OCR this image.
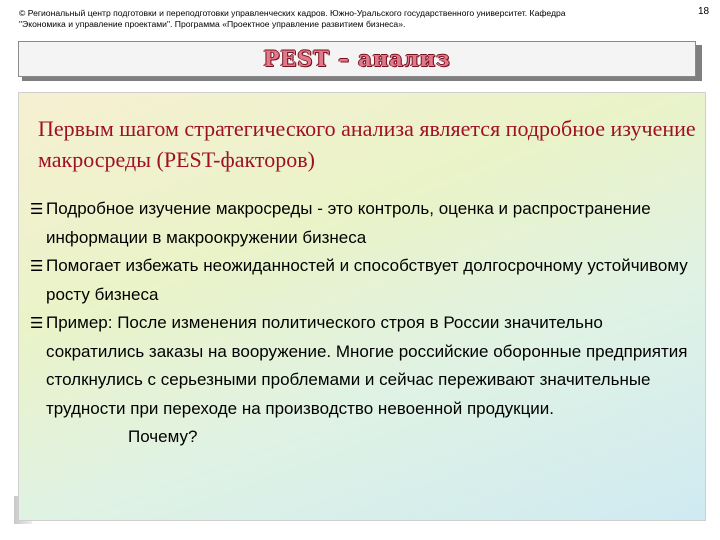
© Региональный центр подготовки и переподготовки управленческих кадров. Южно-Уральского государственного университет. Кафедра
"Экономика и управление проектами". Программа «Проектное управление развитием бизнеса».
18
PEST – анализ
Первым шагом стратегического анализа является подробное изучение макросреды (PEST-факторов)
☰ Подробное изучение макросреды - это контроль, оценка и распространение информации в макроокружении бизнеса
☰ Помогает избежать неожиданностей и способствует долгосрочному устойчивому росту бизнеса
☰ Пример: После изменения политического строя в России значительно сократились заказы на вооружение. Многие российские оборонные предприятия столкнулись с серьезными проблемами и сейчас переживают значительные трудности при переходе на производство невоенной продукции.
Почему?
